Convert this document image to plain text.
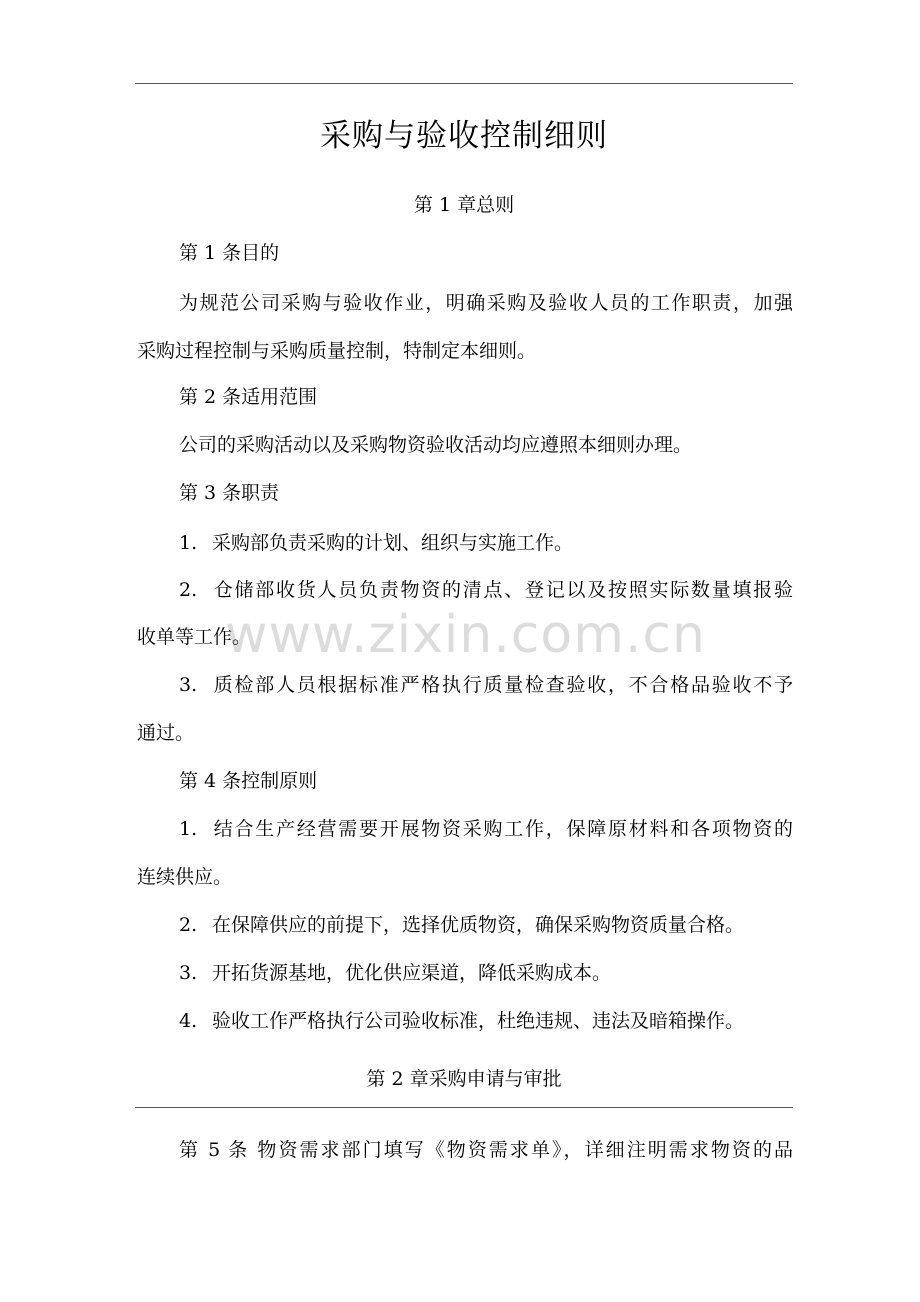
www.zixin.com.cn
采购与验收控制细则
第 1 章总则
第 1 条目的
为规范公司采购与验收作业，明确采购及验收人员的工作职责，加强
采购过程控制与采购质量控制，特制定本细则。
第 2 条适用范围
公司的采购活动以及采购物资验收活动均应遵照本细则办理。
第 3 条职责
1. 采购部负责采购的计划、组织与实施工作。
2. 仓储部收货人员负责物资的清点、登记以及按照实际数量填报验
收单等工作。
3. 质检部人员根据标准严格执行质量检查验收，不合格品验收不予
通过。
第 4 条控制原则
1. 结合生产经营需要开展物资采购工作，保障原材料和各项物资的
连续供应。
2. 在保障供应的前提下，选择优质物资，确保采购物资质量合格。
3. 开拓货源基地，优化供应渠道，降低采购成本。
4. 验收工作严格执行公司验收标准，杜绝违规、违法及暗箱操作。
第 2 章采购申请与审批
第 5 条 物资需求部门填写《物资需求单》，详细注明需求物资的品
